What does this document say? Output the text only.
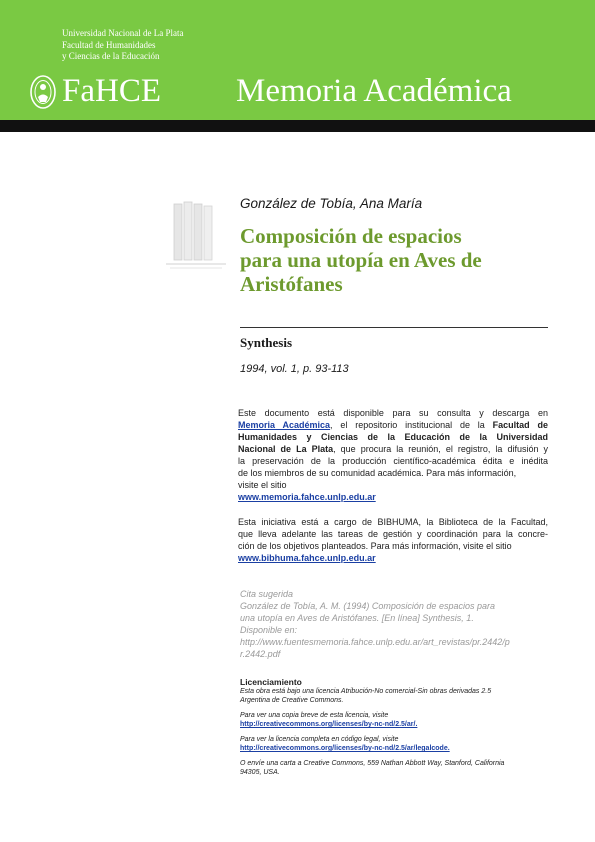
Universidad Nacional de La Plata
Facultad de Humanidades
y Ciencias de la Educación
FaHCE Memoria Académica
González de Tobía, Ana María
Composición de espacios
para una utopía en Aves de
Aristófanes
Synthesis
1994, vol. 1, p. 93-113
Este documento está disponible para su consulta y descarga en
Memoria Académica, el repositorio institucional de la Facultad de
Humanidades y Ciencias de la Educación de la Universidad
Nacional de La Plata, que procura la reunión, el registro, la difusión y
la preservación de la producción científico-académica édita e inédita
de los miembros de su comunidad académica. Para más información,
visite el sitio
www.memoria.fahce.unlp.edu.ar
Esta iniciativa está a cargo de BIBHUMA, la Biblioteca de la Facultad,
que lleva adelante las tareas de gestión y coordinación para la concre-
ción de los objetivos planteados. Para más información, visite el sitio
www.bibhuma.fahce.unlp.edu.ar
Cita sugerida
González de Tobía, A. M. (1994) Composición de espacios para
una utopía en Aves de Aristófanes. [En línea] Synthesis, 1.
Disponible en:
http://www.fuentesmemoria.fahce.unlp.edu.ar/art_revistas/pr.2442/p
r.2442.pdf
Licenciamiento
Esta obra está bajo una licencia Atribución-No comercial-Sin obras derivadas 2.5
Argentina de Creative Commons.
Para ver una copia breve de esta licencia, visite
http://creativecommons.org/licenses/by-nc-nd/2.5/ar/.
Para ver la licencia completa en código legal, visite
http://creativecommons.org/licenses/by-nc-nd/2.5/ar/legalcode.
O envíe una carta a Creative Commons, 559 Nathan Abbott Way, Stanford, California
94305, USA.
